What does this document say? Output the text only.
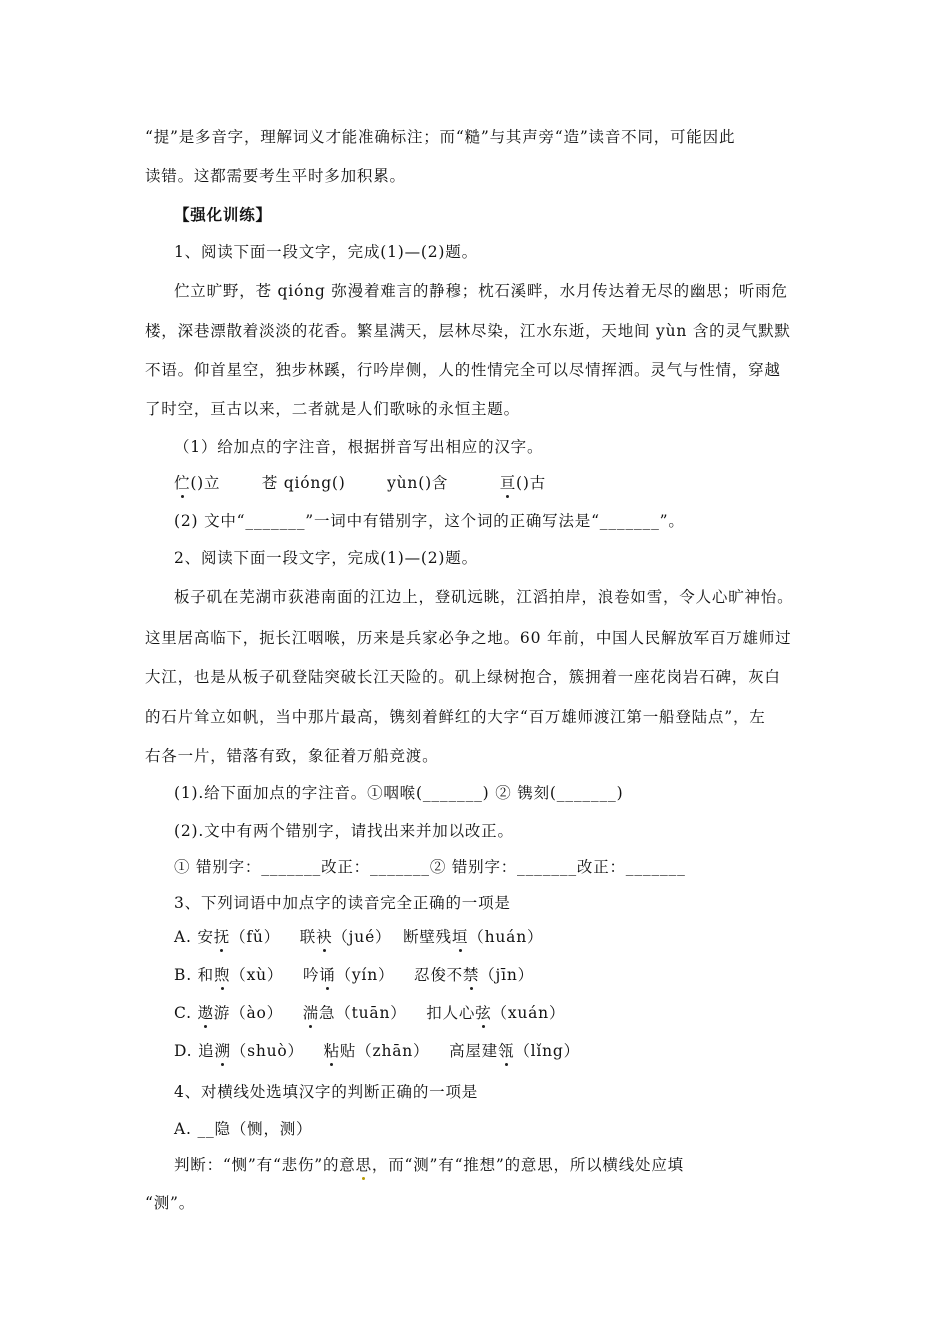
“提”是多音字，理解词义才能准确标注；而“糙”与其声旁“造”读音不同，可能因此
读错。这都需要考生平时多加积累。
【强化训练】
1、阅读下面一段文字，完成(1)—(2)题。
伫立旷野，苍 qióng 弥漫着难言的静穆；枕石溪畔，水月传达着无尽的幽思；听雨危
楼，深巷漂散着淡淡的花香。繁星满天，层林尽染，江水东逝，天地间 yùn 含的灵气默默
不语。仰首星空，独步林蹊，行吟岸侧，人的性情完全可以尽情挥洒。灵气与性情，穿越
了时空，亘古以来，二者就是人们歌咏的永恒主题。
（1）给加点的字注音，根据拼音写出相应的汉字。
伫()立	苍 qióng()	yùn()含	亘()古
(2) 文中“_______”一词中有错别字，这个词的正确写法是“_______”。
2、阅读下面一段文字，完成(1)—(2)题。
板子矶在芜湖市荻港南面的江边上，登矶远眺，江滔拍岸，浪卷如雪，令人心旷神怡。
这里居高临下，扼长江咽喉，历来是兵家必争之地。60 年前，中国人民解放军百万雄师过
大江，也是从板子矶登陆突破长江天险的。矶上绿树抱合，簇拥着一座花岗岩石碑，灰白
的石片耸立如帆，当中那片最高，镌刻着鲜红的大字“百万雄师渡江第一船登陆点”，左
右各一片，错落有致，象征着万船竞渡。
(1).给下面加点的字注音。①咽喉(_______) ② 镌刻(_______)
(2).文中有两个错别字，请找出来并加以改正。
① 错别字：_______改正：_______② 错别字：_______改正：_______
3、下列词语中加点字的读音完全正确的一项是
A. 安抚（fǔ） 联袂（jué） 断壁残垣（huán）
B. 和煦（xù） 吟诵（yín） 忍俊不禁（jīn）
C. 遨游（ào） 湍急（tuān） 扣人心弦（xuán）
D. 追溯（shuò） 粘贴（zhān） 高屋建瓴（lǐng）
4、对横线处选填汉字的判断正确的一项是
A. __隐（恻，测）
判断：“恻”有“悲伤”的意思，而“测”有“推想”的意思，所以横线处应填
“测”。
